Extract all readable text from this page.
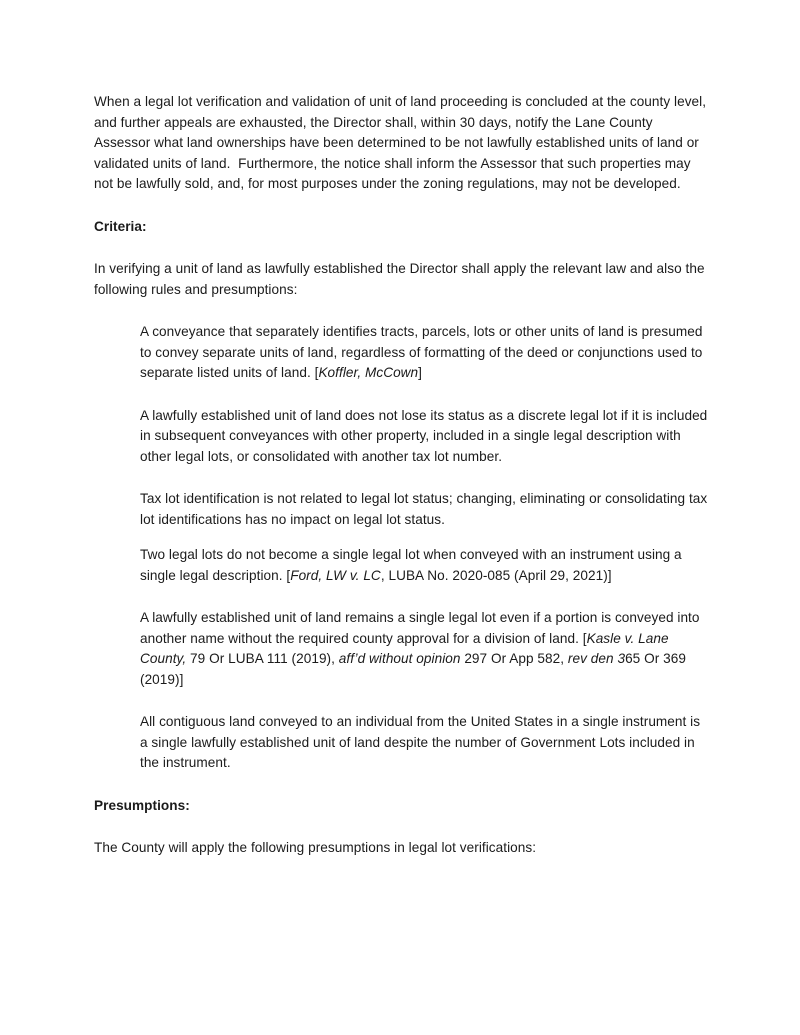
When a legal lot verification and validation of unit of land proceeding is concluded at the county level, and further appeals are exhausted, the Director shall, within 30 days, notify the Lane County Assessor what land ownerships have been determined to be not lawfully established units of land or validated units of land.  Furthermore, the notice shall inform the Assessor that such properties may not be lawfully sold, and, for most purposes under the zoning regulations, may not be developed.

Criteria:

In verifying a unit of land as lawfully established the Director shall apply the relevant law and also the following rules and presumptions:

A conveyance that separately identifies tracts, parcels, lots or other units of land is presumed to convey separate units of land, regardless of formatting of the deed or conjunctions used to separate listed units of land. [Koffler, McCown]

A lawfully established unit of land does not lose its status as a discrete legal lot if it is included in subsequent conveyances with other property, included in a single legal description with other legal lots, or consolidated with another tax lot number.

Tax lot identification is not related to legal lot status; changing, eliminating or consolidating tax lot identifications has no impact on legal lot status.

Two legal lots do not become a single legal lot when conveyed with an instrument using a single legal description. [Ford, LW v. LC, LUBA No. 2020-085 (April 29, 2021)]

A lawfully established unit of land remains a single legal lot even if a portion is conveyed into another name without the required county approval for a division of land. [Kasle v. Lane County, 79 Or LUBA 111 (2019), aff’d without opinion 297 Or App 582, rev den 365 Or 369 (2019)]

All contiguous land conveyed to an individual from the United States in a single instrument is a single lawfully established unit of land despite the number of Government Lots included in the instrument.

Presumptions:

The County will apply the following presumptions in legal lot verifications:
